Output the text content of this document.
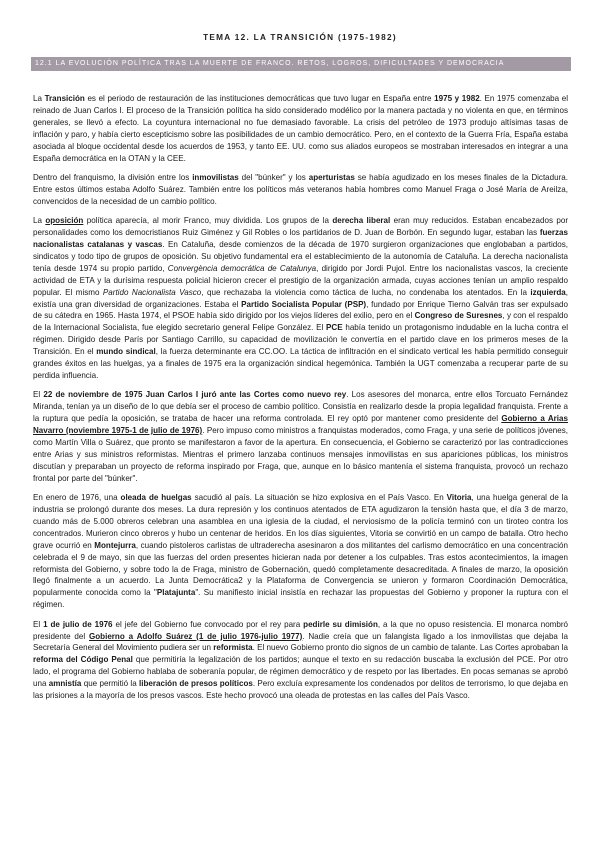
TEMA 12. LA TRANSICIÓN (1975-1982)
12.1 LA EVOLUCIÓN POLÍTICA TRAS LA MUERTE DE FRANCO. RETOS, LOGROS, DIFICULTADES Y DEMOCRACIA

La Transición es el periodo de restauración de las instituciones democráticas que tuvo lugar en España entre 1975 y 1982. En 1975 comenzaba el reinado de Juan Carlos I. El proceso de la Transición política ha sido considerado modélico por la manera pactada y no violenta en que, en términos generales, se llevó a efecto. La coyuntura internacional no fue demasiado favorable. La crisis del petróleo de 1973 produjo altísimas tasas de inflación y paro, y había cierto escepticismo sobre las posibilidades de un cambio democrático. Pero, en el contexto de la Guerra Fría, España estaba asociada al bloque occidental desde los acuerdos de 1953, y tanto EE. UU. como sus aliados europeos se mostraban interesados en integrar a una España democrática en la OTAN y la CEE.

Dentro del franquismo, la división entre los inmovilistas del "búnker" y los aperturistas se había agudizado en los meses finales de la Dictadura. Entre estos últimos estaba Adolfo Suárez. También entre los políticos más veteranos había hombres como Manuel Fraga o José María de Areilza, convencidos de la necesidad de un cambio político.

La oposición política aparecía, al morir Franco, muy dividida. Los grupos de la derecha liberal eran muy reducidos. Estaban encabezados por personalidades como los democristianos Ruiz Giménez y Gil Robles o los partidarios de D. Juan de Borbón. En segundo lugar, estaban las fuerzas nacionalistas catalanas y vascas. En Cataluña, desde comienzos de la década de 1970 surgieron organizaciones que englobaban a partidos, sindicatos y todo tipo de grupos de oposición. Su objetivo fundamental era el establecimiento de la autonomía de Cataluña. La derecha nacionalista tenía desde 1974 su propio partido, Convergència democrática de Catalunya, dirigido por Jordi Pujol. Entre los nacionalistas vascos, la creciente actividad de ETA y la durísima respuesta policial hicieron crecer el prestigio de la organización armada, cuyas acciones tenían un amplio respaldo popular. El mismo Partido Nacionalista Vasco, que rechazaba la violencia como táctica de lucha, no condenaba los atentados. En la izquierda, existía una gran diversidad de organizaciones. Estaba el Partido Socialista Popular (PSP), fundado por Enrique Tierno Galván tras ser expulsado de su cátedra en 1965. Hasta 1974, el PSOE había sido dirigido por los viejos líderes del exilio, pero en el Congreso de Suresnes, y con el respaldo de la Internacional Socialista, fue elegido secretario general Felipe González. El PCE había tenido un protagonismo indudable en la lucha contra el régimen. Dirigido desde París por Santiago Carrillo, su capacidad de movilización le convertía en el partido clave en los primeros meses de la Transición. En el mundo sindical, la fuerza determinante era CC.OO. La táctica de infiltración en el sindicato vertical les había permitido conseguir grandes éxitos en las huelgas, ya a finales de 1975 era la organización sindical hegemónica. También la UGT comenzaba a recuperar parte de su perdida influencia.

El 22 de noviembre de 1975 Juan Carlos I juró ante las Cortes como nuevo rey. Los asesores del monarca, entre ellos Torcuato Fernández Miranda, tenían ya un diseño de lo que debía ser el proceso de cambio político. Consistía en realizarlo desde la propia legalidad franquista. Frente a la ruptura que pedía la oposición, se trataba de hacer una reforma controlada. El rey optó por mantener como presidente del Gobierno a Arias Navarro (noviembre 1975-1 de julio de 1976). Pero impuso como ministros a franquistas moderados, como Fraga, y una serie de políticos jóvenes, como Martín Villa o Suárez, que pronto se manifestaron a favor de la apertura. En consecuencia, el Gobierno se caracterizó por las contradicciones entre Arias y sus ministros reformistas. Mientras el primero lanzaba continuos mensajes inmovilistas en sus apariciones públicas, los ministros discutían y preparaban un proyecto de reforma inspirado por Fraga, que, aunque en lo básico mantenía el sistema franquista, provocó un rechazo frontal por parte del "búnker".

En enero de 1976, una oleada de huelgas sacudió al país. La situación se hizo explosiva en el País Vasco. En Vitoria, una huelga general de la industria se prolongó durante dos meses. La dura represión y los continuos atentados de ETA agudizaron la tensión hasta que, el día 3 de marzo, cuando más de 5.000 obreros celebran una asamblea en una iglesia de la ciudad, el nerviosismo de la policía terminó con un tiroteo contra los concentrados. Murieron cinco obreros y hubo un centenar de heridos. En los días siguientes, Vitoria se convirtió en un campo de batalla. Otro hecho grave ocurrió en Montejurra, cuando pistoleros carlistas de ultraderecha asesinaron a dos militantes del carlismo democrático en una concentración celebrada el 9 de mayo, sin que las fuerzas del orden presentes hicieran nada por detener a los culpables. Tras estos acontecimientos, la imagen reformista del Gobierno, y sobre todo la de Fraga, ministro de Gobernación, quedó completamente desacreditada. A finales de marzo, la oposición llegó finalmente a un acuerdo. La Junta Democrática2 y la Plataforma de Convergencia se unieron y formaron Coordinación Democrática, popularmente conocida como la "Platajunta". Su manifiesto inicial insistía en rechazar las propuestas del Gobierno y proponer la ruptura con el régimen.

El 1 de julio de 1976 el jefe del Gobierno fue convocado por el rey para pedirle su dimisión, a la que no opuso resistencia. El monarca nombró presidente del Gobierno a Adolfo Suárez (1 de julio 1976-julio 1977). Nadie creía que un falangista ligado a los inmovilistas que dejaba la Secretaría General del Movimiento pudiera ser un reformista. El nuevo Gobierno pronto dio signos de un cambio de talante. Las Cortes aprobaban la reforma del Código Penal que permitiría la legalización de los partidos; aunque el texto en su redacción buscaba la exclusión del PCE. Por otro lado, el programa del Gobierno hablaba de soberanía popular, de régimen democrático y de respeto por las libertades. En pocas semanas se aprobó una amnistía que permitió la liberación de presos políticos. Pero excluía expresamente los condenados por delitos de terrorismo, lo que dejaba en las prisiones a la mayoría de los presos vascos. Este hecho provocó una oleada de protestas en las calles del País Vasco.
